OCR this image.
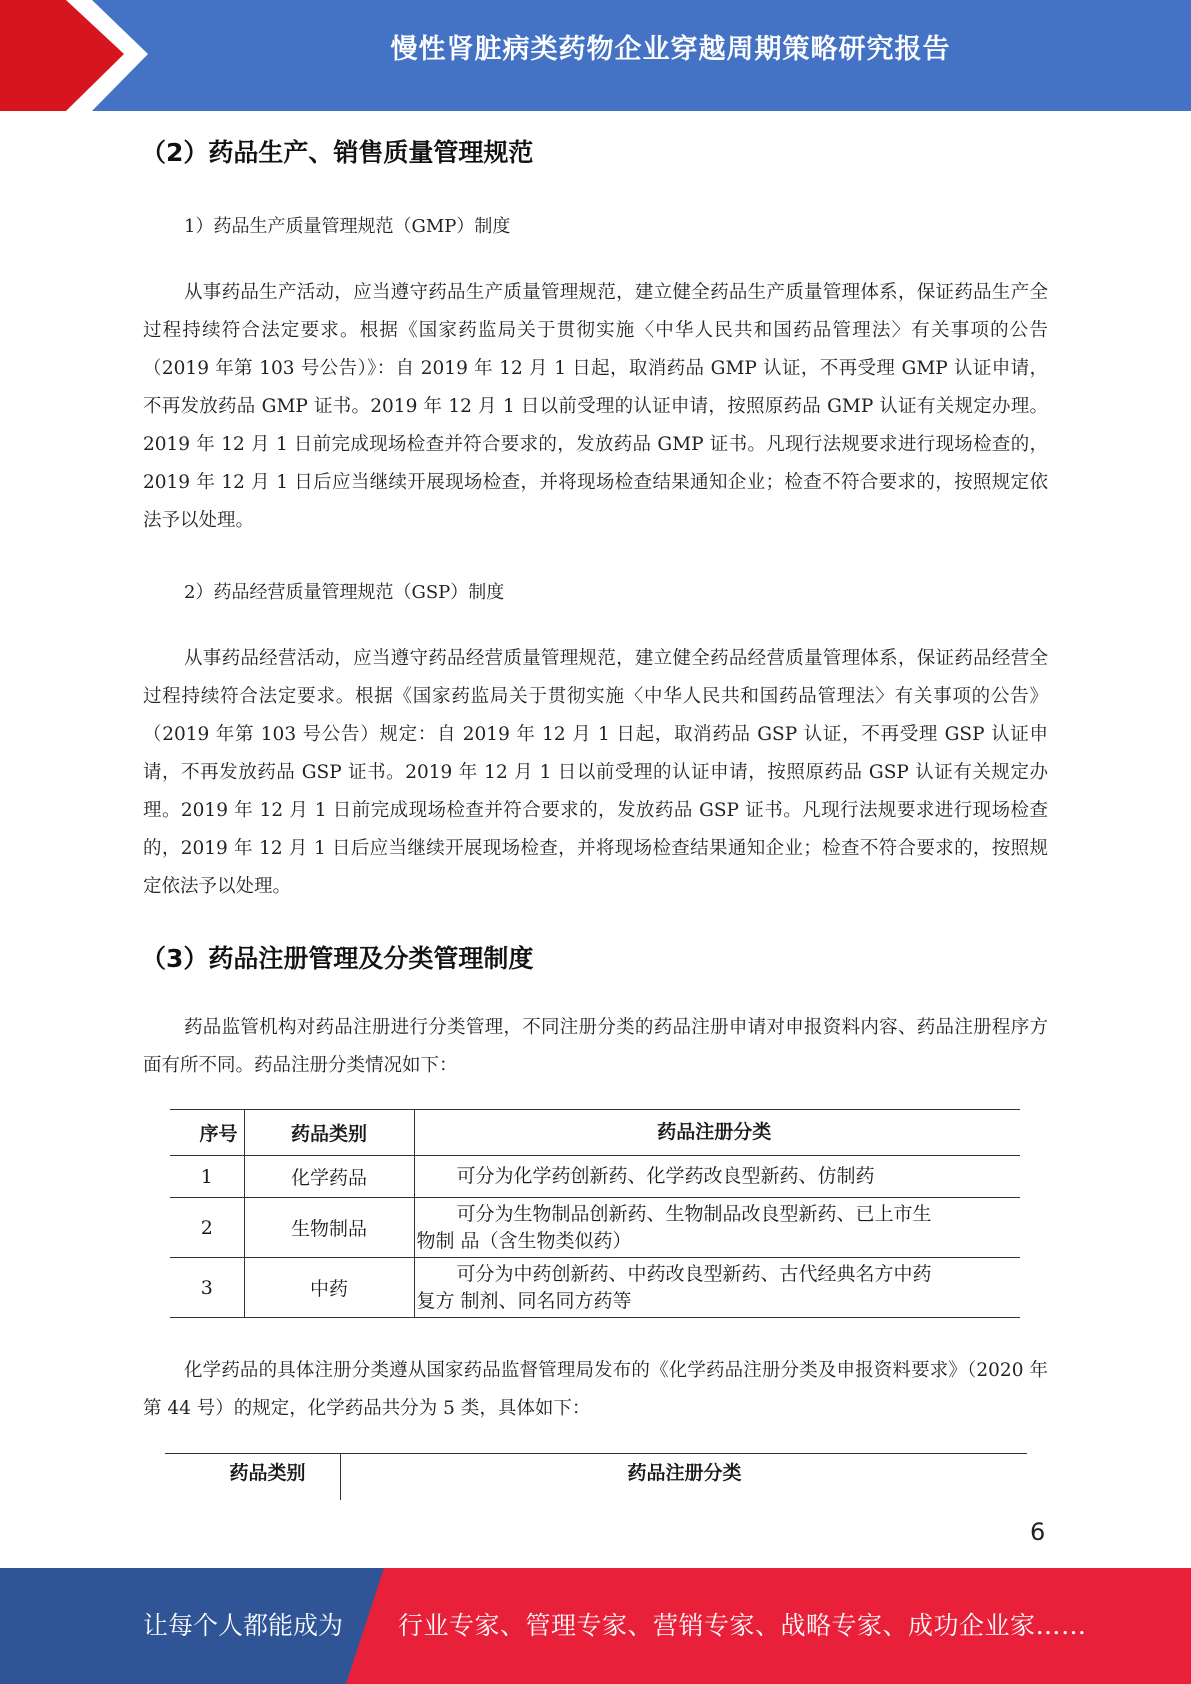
慢性肾脏病类药物企业穿越周期策略研究报告
（2）药品生产、销售质量管理规范
1）药品生产质量管理规范（GMP）制度
从事药品生产活动，应当遵守药品生产质量管理规范，建立健全药品生产质量管理体系，保证药品生产全过程持续符合法定要求。根据《国家药监局关于贯彻实施〈中华人民共和国药品管理法〉有关事项的公告（2019 年第 103 号公告）》：自 2019 年 12 月 1 日起，取消药品 GMP 认证，不再受理 GMP 认证申请，不再发放药品 GMP 证书。2019 年 12 月 1 日以前受理的认证申请，按照原药品 GMP 认证有关规定办理。2019 年 12 月 1 日前完成现场检查并符合要求的，发放药品 GMP 证书。凡现行法规要求进行现场检查的，2019 年 12 月 1 日后应当继续开展现场检查，并将现场检查结果通知企业；检查不符合要求的，按照规定依法予以处理。
2）药品经营质量管理规范（GSP）制度
从事药品经营活动，应当遵守药品经营质量管理规范，建立健全药品经营质量管理体系，保证药品经营全过程持续符合法定要求。根据《国家药监局关于贯彻实施〈中华人民共和国药品管理法〉有关事项的公告》（2019 年第 103 号公告）规定：自 2019 年 12 月 1 日起，取消药品 GSP 认证，不再受理 GSP 认证申请，不再发放药品 GSP 证书。2019 年 12 月 1 日以前受理的认证申请，按照原药品 GSP 认证有关规定办理。2019 年 12 月 1 日前完成现场检查并符合要求的，发放药品 GSP 证书。凡现行法规要求进行现场检查的，2019 年 12 月 1 日后应当继续开展现场检查，并将现场检查结果通知企业；检查不符合要求的，按照规定依法予以处理。
（3）药品注册管理及分类管理制度
药品监管机构对药品注册进行分类管理，不同注册分类的药品注册申请对申报资料内容、药品注册程序方面有所不同。药品注册分类情况如下：
序号	药品类别	药品注册分类
1	化学药品	可分为化学药创新药、化学药改良型新药、仿制药

2	生物制品	可分为生物制品创新药、生物制品改良型新药、已上市生
物制 品（含生物类似药）

3	中药	可分为中药创新药、中药改良型新药、古代经典名方中药
复方 制剂、同名同方药等
化学药品的具体注册分类遵从国家药品监督管理局发布的《化学药品注册分类及申报资料要求》（2020 年第 44 号）的规定，化学药品共分为 5 类，具体如下：
药品类别	药品注册分类
6
让每个人都能成为 行业专家、管理专家、营销专家、战略专家、成功企业家……
